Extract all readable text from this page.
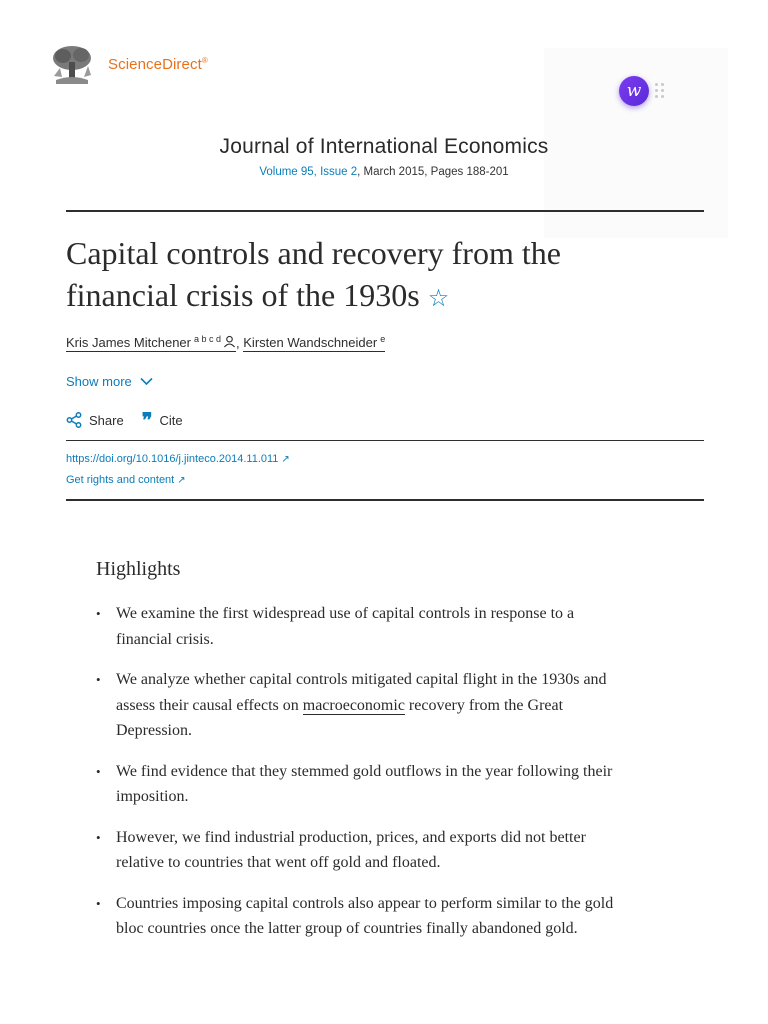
ScienceDirect®
w
Journal of International Economics
Volume 95, Issue 2, March 2015, Pages 188-201
Capital controls and recovery from the financial crisis of the 1930s ☆
Kris James Mitchener $^{a b c d}$ , Kirsten Wandschneider $^e$
Show more
Share ❞ Cite
https://doi.org/10.1016/j.jinteco.2014.11.011 ↗
Get rights and content ↗
Highlights
• We examine the first widespread use of capital controls in response to a financial crisis.
• We analyze whether capital controls mitigated capital flight in the 1930s and assess their causal effects on macroeconomic recovery from the Great Depression.
• We find evidence that they stemmed gold outflows in the year following their imposition.
• However, we find industrial production, prices, and exports did not better relative to countries that went off gold and floated.
• Countries imposing capital controls also appear to perform similar to the gold bloc countries once the latter group of countries finally abandoned gold.
